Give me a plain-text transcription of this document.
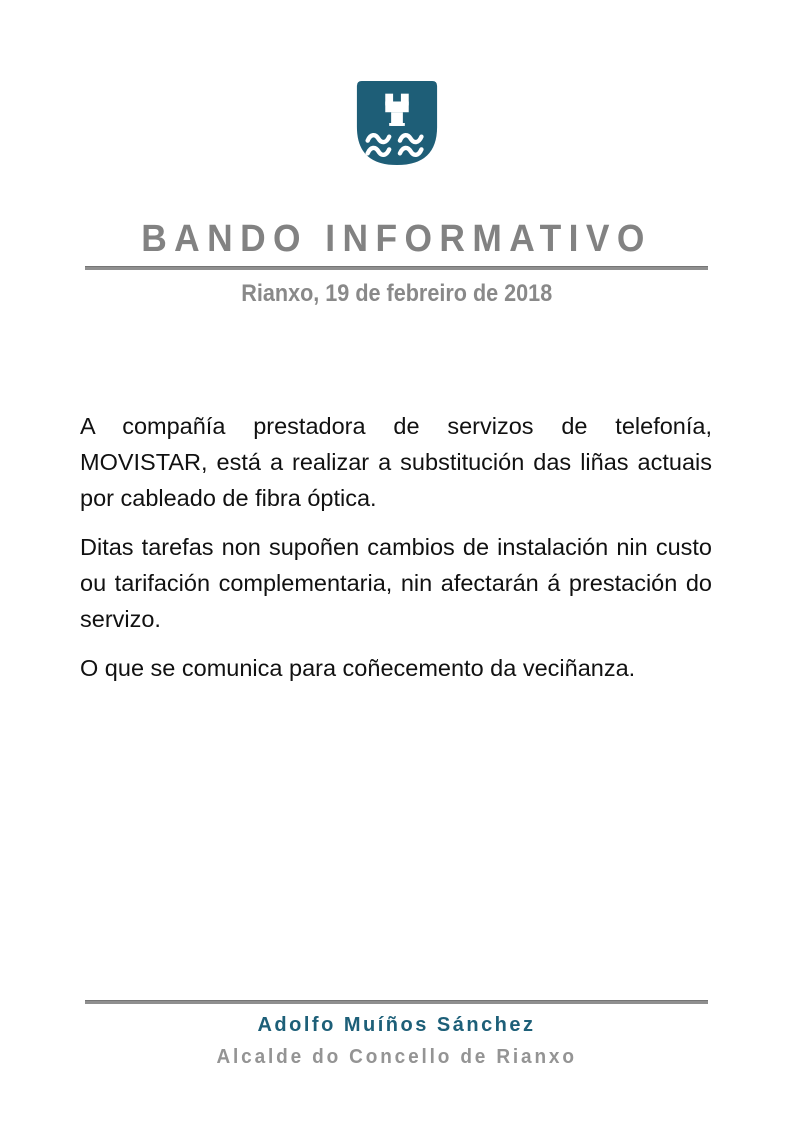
BANDO INFORMATIVO
Rianxo, 19 de febreiro de 2018

A compañía prestadora de servizos de telefonía, MOVISTAR, está a realizar a substitución das liñas actuais por cableado de fibra óptica.

Ditas tarefas non supoñen cambios de instalación nin custo ou tarifación complementaria, nin afectarán á prestación do servizo.

O que se comunica para coñecemento da veciñanza.

Adolfo Muíños Sánchez
Alcalde do Concello de Rianxo
